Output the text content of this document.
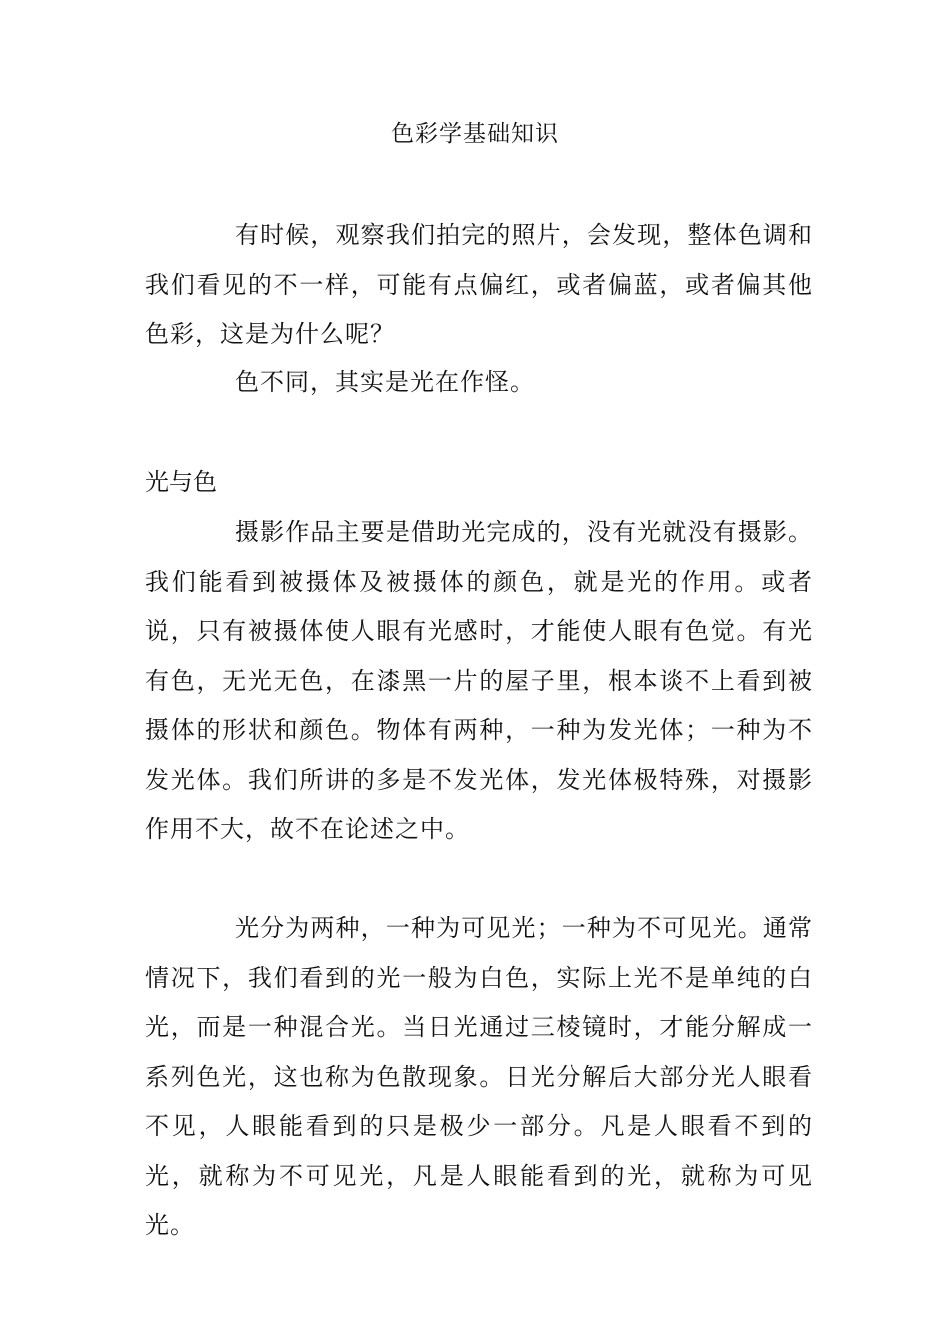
色彩学基础知识

有时候，观察我们拍完的照片，会发现，整体色调和我们看见的不一样，可能有点偏红，或者偏蓝，或者偏其他色彩，这是为什么呢？

色不同，其实是光在作怪。

光与色

摄影作品主要是借助光完成的，没有光就没有摄影。我们能看到被摄体及被摄体的颜色，就是光的作用。或者说，只有被摄体使人眼有光感时，才能使人眼有色觉。有光有色，无光无色，在漆黑一片的屋子里，根本谈不上看到被摄体的形状和颜色。物体有两种，一种为发光体；一种为不发光体。我们所讲的多是不发光体，发光体极特殊，对摄影作用不大，故不在论述之中。

光分为两种，一种为可见光；一种为不可见光。通常情况下，我们看到的光一般为白色，实际上光不是单纯的白光，而是一种混合光。当日光通过三棱镜时，才能分解成一系列色光，这也称为色散现象。日光分解后大部分光人眼看不见，人眼能看到的只是极少一部分。凡是人眼看不到的光，就称为不可见光，凡是人眼能看到的光，就称为可见光。
